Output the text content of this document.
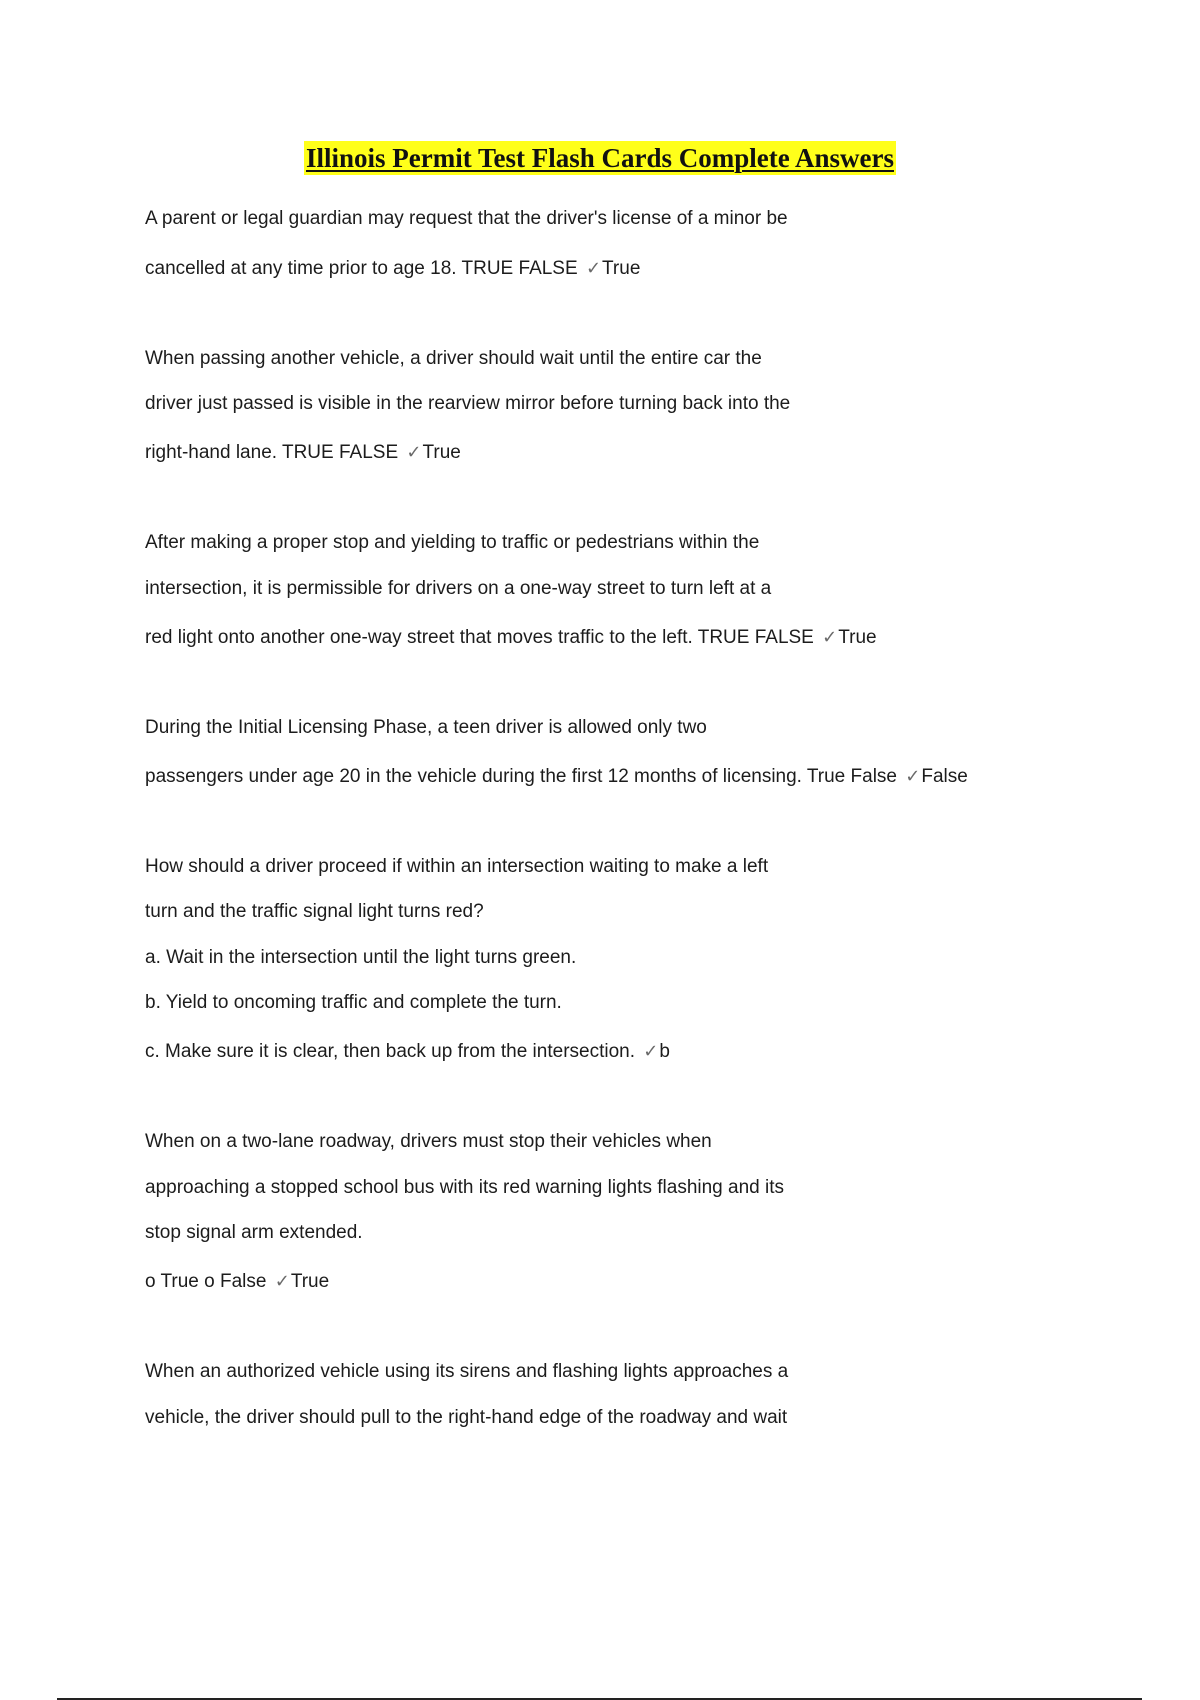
Illinois Permit Test Flash Cards Complete Answers
A parent or legal guardian may request that the driver's license of a minor be
cancelled at any time prior to age 18. TRUE FALSE ✓True
When passing another vehicle, a driver should wait until the entire car the
driver just passed is visible in the rearview mirror before turning back into the
right-hand lane. TRUE FALSE ✓True
After making a proper stop and yielding to traffic or pedestrians within the
intersection, it is permissible for drivers on a one-way street to turn left at a
red light onto another one-way street that moves traffic to the left. TRUE FALSE ✓True
During the Initial Licensing Phase, a teen driver is allowed only two
passengers under age 20 in the vehicle during the first 12 months of licensing. True False ✓False
How should a driver proceed if within an intersection waiting to make a left
turn and the traffic signal light turns red?
a. Wait in the intersection until the light turns green.
b. Yield to oncoming traffic and complete the turn.
c. Make sure it is clear, then back up from the intersection. ✓b
When on a two-lane roadway, drivers must stop their vehicles when
approaching a stopped school bus with its red warning lights flashing and its
stop signal arm extended.
o True o False ✓True
When an authorized vehicle using its sirens and flashing lights approaches a
vehicle, the driver should pull to the right-hand edge of the roadway and wait
